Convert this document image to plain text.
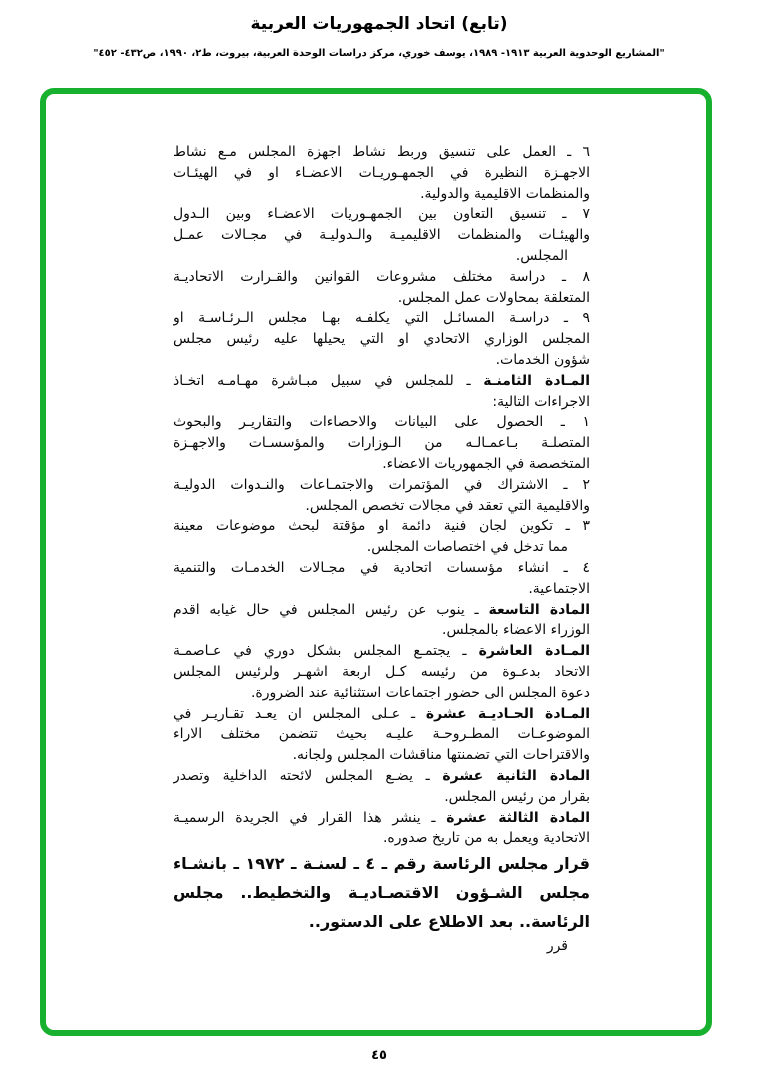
(تابع) اتحاد الجمهوريات العربية
"المشاريع الوحدوية العربية ١٩١٣- ١٩٨٩، يوسف خوري، مركز دراسات الوحدة العربية، بيروت، ط٢، ١٩٩٠، ص٤٣٢- ٤٥٢"
٦ ـ العمل على تنسيق وربط نشاط اجهزة المجلس مـع نشاط
الاجهـزة النظيرة في الجمهـوريـات الاعضـاء او في الهيئـات
والمنظمات الاقليمية والدولية.
٧ ـ تنسيق التعاون بين الجمهـوريات الاعضـاء وبين الـدول
والهيئـات والمنظمات الاقليميـة والـدوليـة في مجـالات عمـل
المجلس.
٨ ـ دراسة مختلف مشروعات القوانين والقـرارت الاتحاديـة
المتعلقة بمحاولات عمل المجلس.
٩ ـ دراسـة المسائـل التي يكلفـه بهـا مجلس الـرئـاسـة او
المجلس الوزاري الاتحادي او التي يحيلها عليه رئيس مجلس
شؤون الخدمات.
المـادة الثامنـة ـ للمجلس في سبيل مبـاشرة مهـامـه اتخـاذ
الاجراءات التالية:
١ ـ الحصول على البيانات والاحصاءات والتقاريـر والبحوث
المتصلـة بـاعمـالـه من الـوزارات والمؤسسـات والاجهـزة
المتخصصة في الجمهوريات الاعضاء.
٢ ـ الاشتراك في المؤتمرات والاجتمـاعات والنـدوات الدوليـة
والاقليمية التي تعقد في مجالات تخصص المجلس.
٣ ـ تكوين لجان فنية دائمة او مؤقتة لبحث موضوعات معينة
مما تدخل في اختصاصات المجلس.
٤ ـ انشاء مؤسسات اتحادية في مجـالات الخدمـات والتنمية
الاجتماعية.
المادة التاسعة ـ ينوب عن رئيس المجلس في حال غيابه اقدم
الوزراء الاعضاء بالمجلس.
المـادة العاشرة ـ يجتمـع المجلس بشكل دوري في عـاصمـة
الاتحاد بدعـوة من رئيسه كـل اربعة اشهـر ولرئيس المجلس
دعوة المجلس الى حضور اجتماعات استثنائية عند الضرورة.
المـادة الحـاديـة عشرة ـ عـلى المجلس ان يعـد تقـاريـر في
الموضوعـات المطـروحـة عليـه بحيث تتضمن مختلف الاراء
والاقتراحات التي تضمنتها مناقشات المجلس ولجانه.
المادة الثانية عشرة ـ يضـع المجلس لائحته الداخلية وتصدر
بقرار من رئيس المجلس.
المادة الثالثة عشرة ـ ينشر هذا القرار في الجريدة الرسميـة
الاتحادية ويعمل به من تاريخ صدوره.
قرار مجلس الرئاسة رقم ـ ٤ ـ لسنـة ـ ١٩٧٢ ـ بانشـاء
مجلس الشـؤون الاقتصـاديـة والتخطيط.. مجلس
الرئاسة.. بعد الاطلاع على الدستور..
قرر
٤٥
